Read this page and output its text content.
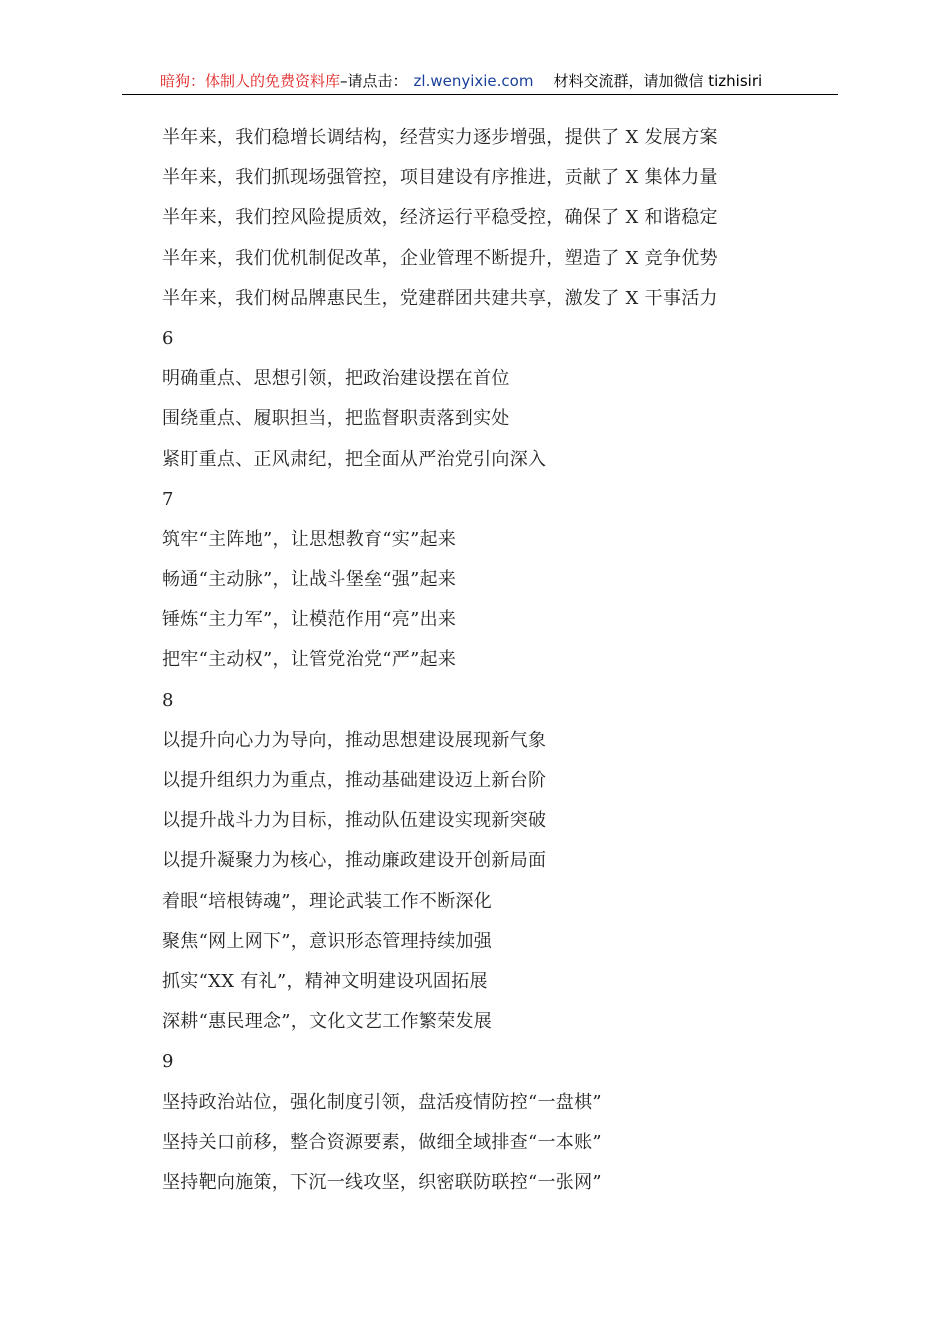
暗狗：体制人的免费资料库–请点击： zl.wenyixie.com 材料交流群，请加微信 tizhisiri
半年来，我们稳增长调结构，经营实力逐步增强，提供了 X 发展方案
半年来，我们抓现场强管控，项目建设有序推进，贡献了 X 集体力量
半年来，我们控风险提质效，经济运行平稳受控，确保了 X 和谐稳定
半年来，我们优机制促改革，企业管理不断提升，塑造了 X 竞争优势
半年来，我们树品牌惠民生，党建群团共建共享，激发了 X 干事活力
6
明确重点、思想引领，把政治建设摆在首位
围绕重点、履职担当，把监督职责落到实处
紧盯重点、正风肃纪，把全面从严治党引向深入
7
筑牢“主阵地”，让思想教育“实”起来
畅通“主动脉”，让战斗堡垒“强”起来
锤炼“主力军”，让模范作用“亮”出来
把牢“主动权”，让管党治党“严”起来
8
以提升向心力为导向，推动思想建设展现新气象
以提升组织力为重点，推动基础建设迈上新台阶
以提升战斗力为目标，推动队伍建设实现新突破
以提升凝聚力为核心，推动廉政建设开创新局面
着眼“培根铸魂”，理论武装工作不断深化
聚焦“网上网下”，意识形态管理持续加强
抓实“XX 有礼”，精神文明建设巩固拓展
深耕“惠民理念”，文化文艺工作繁荣发展
9
坚持政治站位，强化制度引领，盘活疫情防控“一盘棋”
坚持关口前移，整合资源要素，做细全域排查“一本账”
坚持靶向施策，下沉一线攻坚，织密联防联控“一张网”
